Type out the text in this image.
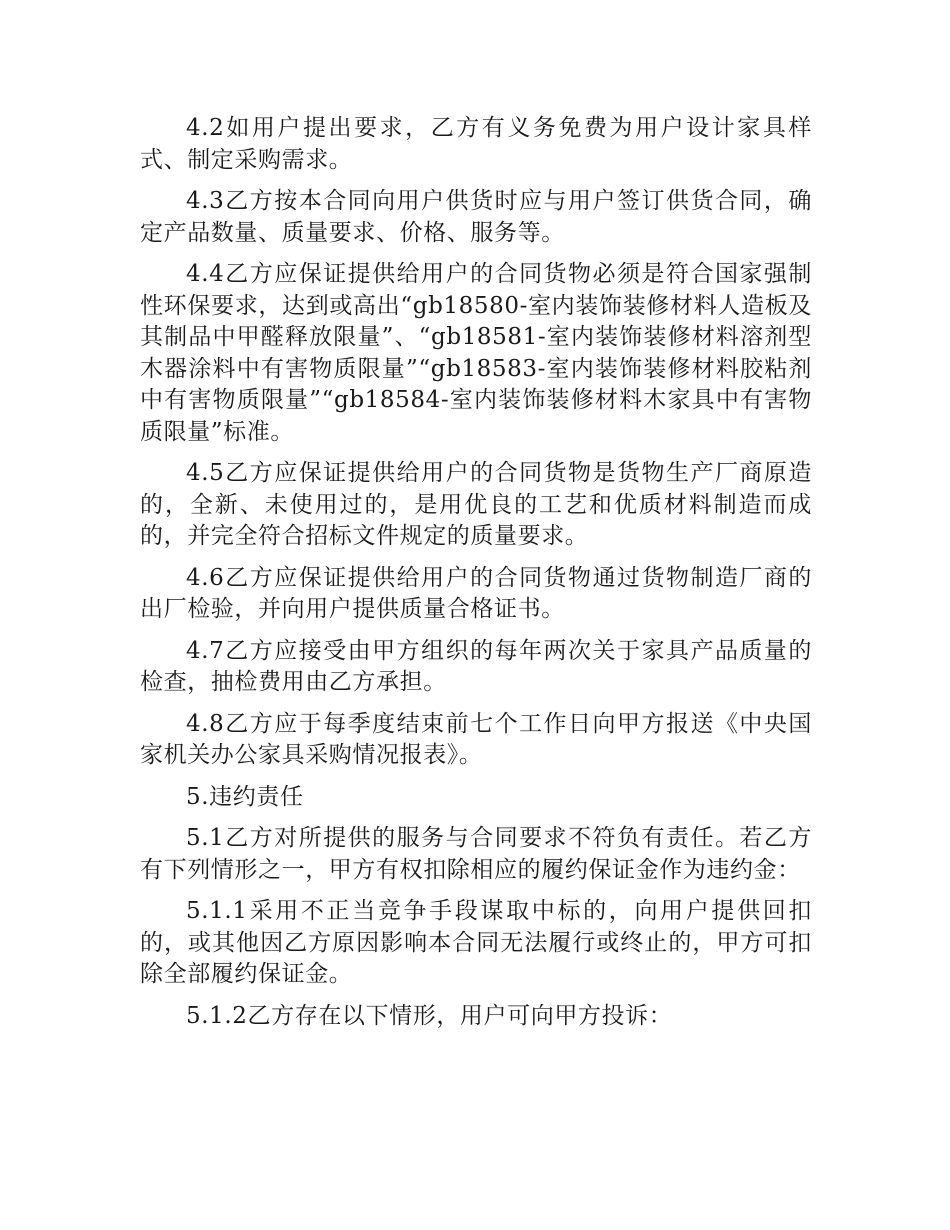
4.2如用户提出要求，乙方有义务免费为用户设计家具样式、制定采购需求。

4.3乙方按本合同向用户供货时应与用户签订供货合同，确定产品数量、质量要求、价格、服务等。

4.4乙方应保证提供给用户的合同货物必须是符合国家强制性环保要求，达到或高出“gb18580-室内装饰装修材料人造板及其制品中甲醛释放限量”、“gb18581-室内装饰装修材料溶剂型木器涂料中有害物质限量”“gb18583-室内装饰装修材料胶粘剂中有害物质限量”“gb18584-室内装饰装修材料木家具中有害物质限量”标准。

4.5乙方应保证提供给用户的合同货物是货物生产厂商原造的，全新、未使用过的，是用优良的工艺和优质材料制造而成的，并完全符合招标文件规定的质量要求。

4.6乙方应保证提供给用户的合同货物通过货物制造厂商的出厂检验，并向用户提供质量合格证书。

4.7乙方应接受由甲方组织的每年两次关于家具产品质量的检查，抽检费用由乙方承担。

4.8乙方应于每季度结束前七个工作日向甲方报送《中央国家机关办公家具采购情况报表》。

5.违约责任

5.1乙方对所提供的服务与合同要求不符负有责任。若乙方有下列情形之一，甲方有权扣除相应的履约保证金作为违约金：

5.1.1采用不正当竞争手段谋取中标的，向用户提供回扣的，或其他因乙方原因影响本合同无法履行或终止的，甲方可扣除全部履约保证金。

5.1.2乙方存在以下情形，用户可向甲方投诉：
